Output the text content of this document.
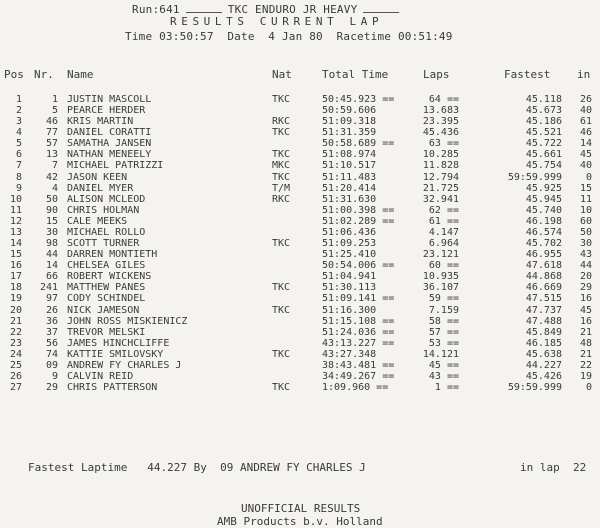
Run:641	TKC ENDURO JR HEAVY
RESULTS CURRENT LAP
Time 03:50:57 Date  4 Jan 80 Racetime 00:51:49
Pos Nr. Name	Nat	Total Time	Laps	Fastest in
1	1 JUSTIN MASCOLL	TKC	50:45.923 ==	64 ==	45.118 26
2	5 PEARCE HERDER	50:59.606	13.683	45.673 40
3 46 KRIS MARTIN	RKC	51:09.318	23.395	45.186 61
4 77 DANIEL CORATTI	TKC	51:31.359	45.436	45.521 46
5 57 SAMATHA JANSEN	50:58.689 ==	63 ==	45.722 14
6 13 NATHAN MENEELY	TKC	51:08.974	10.285	45.661 45
7	7 MICHAEL PATRIZZI	MKC	51:10.517	11.828	45.754 40
8 42 JASON KEEN	TKC	51:11.483	12.794	59:59.999 0
9	4 DANIEL MYER	T/M	51:20.414	21.725	45.925 15
10 50 ALISON MCLEOD	RKC	51:31.630	32.941	45.945 11
11 90 CHRIS HOLMAN	51:00.398 ==	62 ==	45.740 10
12 15 CALE MEEKS	51:02.289 ==	61 ==	46.198 60
13 30 MICHAEL ROLLO	51:06.436	4.147	46.574 50
14 98 SCOTT TURNER	TKC	51:09.253	6.964	45.702 30
15 44 DARREN MONTIETH	51:25.410	23.121	46.955 43
16 14 CHELSEA GILES	50:54.006 ==	60 ==	47.618 44
17 66 ROBERT WICKENS	51:04.941	10.935	44.868 20
18 241 MATTHEW PANES	TKC	51:30.113	36.107	46.669 29
19 97 CODY SCHINDEL	51:09.141 ==	59 ==	47.515 16
20 26 NICK JAMESON	TKC	51:16.300	7.159	47.737 45
21 36 JOHN ROSS MISKIENICZ	51:15.108 ==	58 ==	47.488 16
22 37 TREVOR MELSKI	51:24.036 ==	57 ==	45.849 21
23 56 JAMES HINCHCLIFFE	43:13.227 ==	53 ==	46.185 48
24 74 KATTIE SMILOVSKY	TKC	43:27.348	14.121	45.638 21
25 09 ANDREW FY CHARLES J	38:43.481 ==	45 ==	44.227 22
26	9 CALVIN REID	34:49.267 ==	43 ==	45.426 19
27 29 CHRIS PATTERSON	TKC	1:09.960 ==	1 ==	59:59.999 0
Fastest Laptime 44.227 By 09 ANDREW FY CHARLES J	in lap 22
UNOFFICIAL RESULTS
AMB Products b.v. Holland
